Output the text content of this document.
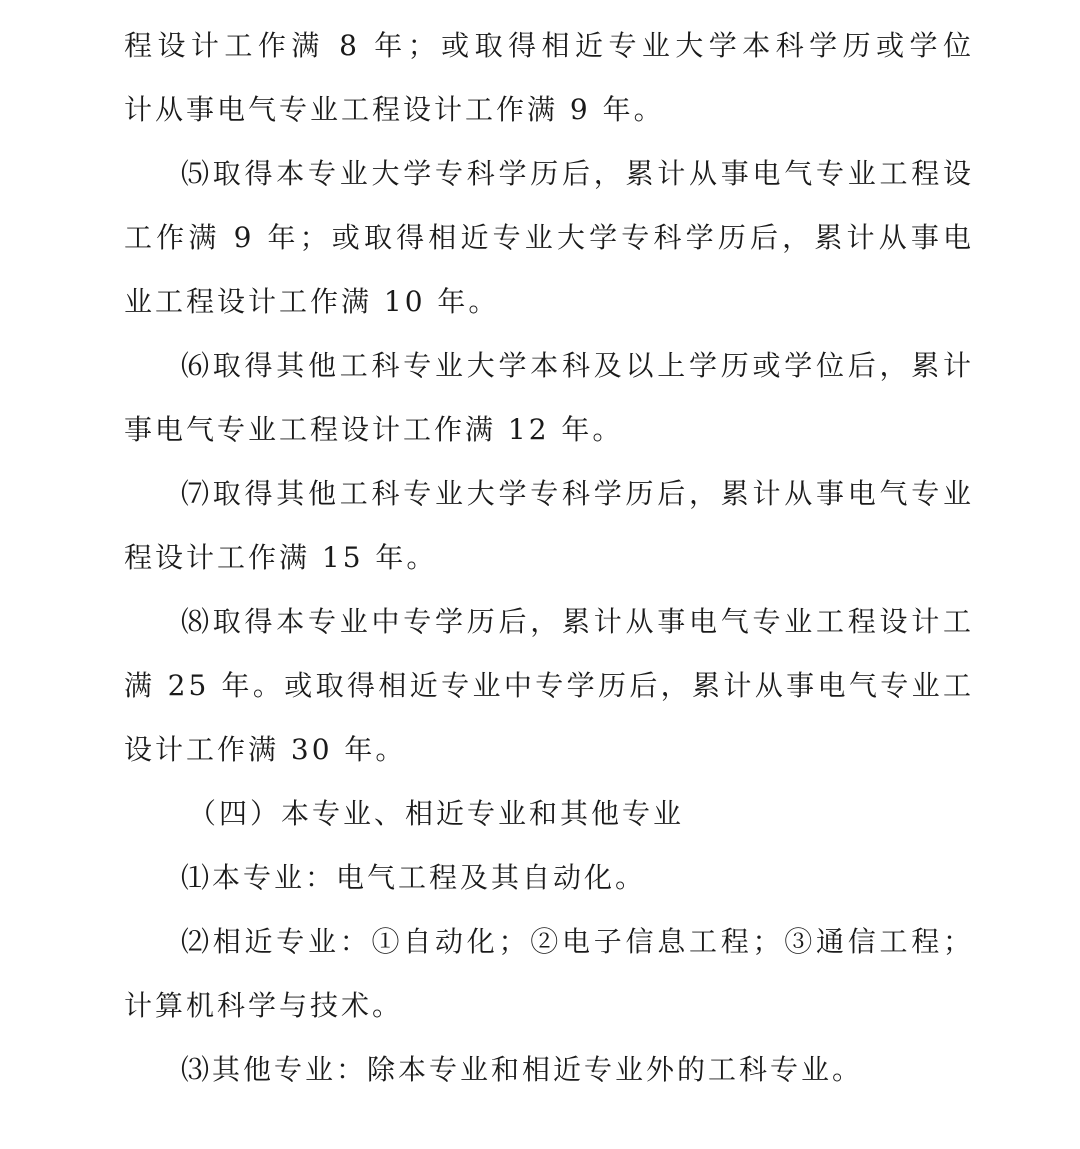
程设计工作满 8 年；或取得相近专业大学本科学历或学位
计从事电气专业工程设计工作满 9 年。
⑸取得本专业大学专科学历后，累计从事电气专业工程设
工作满 9 年；或取得相近专业大学专科学历后，累计从事电
业工程设计工作满 10 年。
⑹取得其他工科专业大学本科及以上学历或学位后，累计
事电气专业工程设计工作满 12 年。
⑺取得其他工科专业大学专科学历后，累计从事电气专业
程设计工作满 15 年。
⑻取得本专业中专学历后，累计从事电气专业工程设计工
满 25 年。或取得相近专业中专学历后，累计从事电气专业工
设计工作满 30 年。
（四）本专业、相近专业和其他专业
⑴本专业：电气工程及其自动化。
⑵相近专业：①自动化；②电子信息工程；③通信工程；
计算机科学与技术。
⑶其他专业：除本专业和相近专业外的工科专业。
